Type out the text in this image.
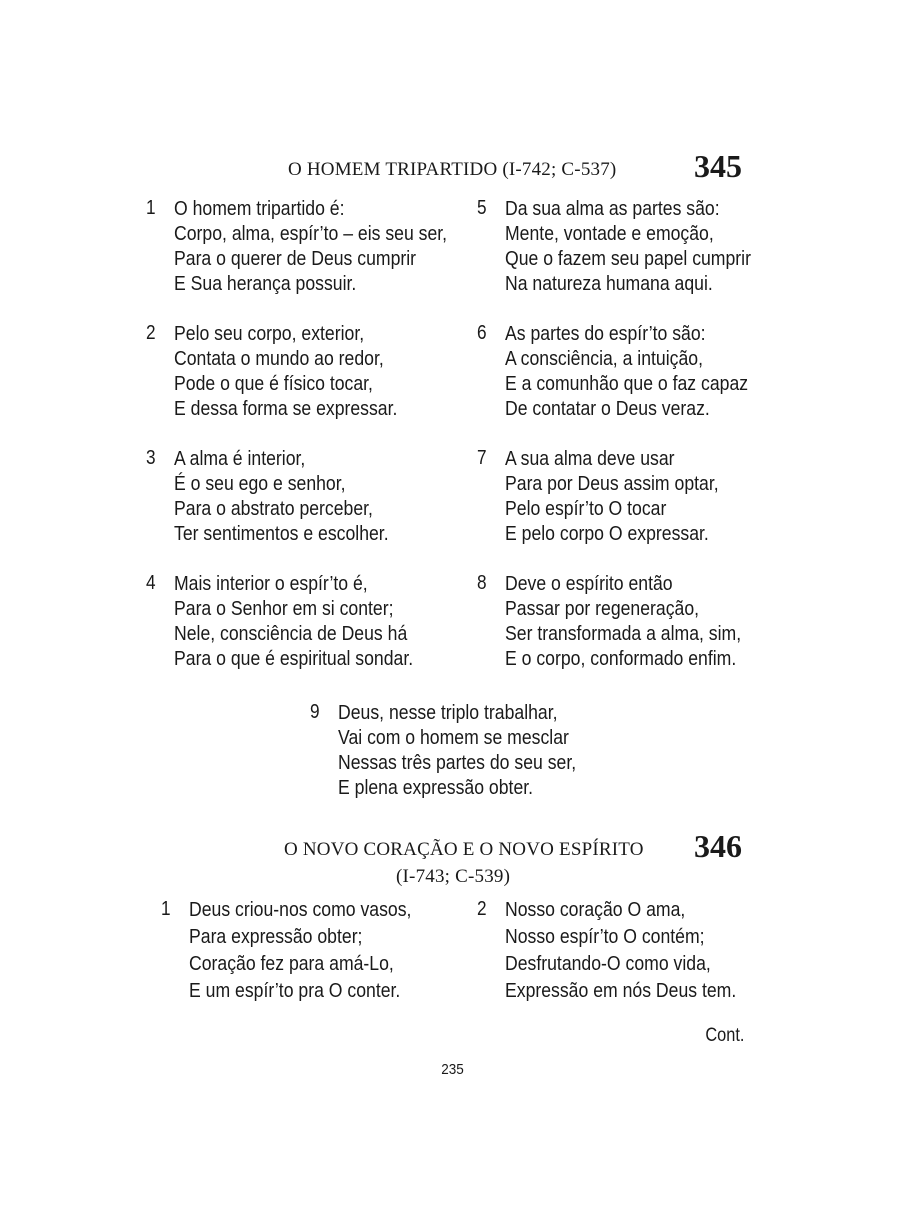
O HOMEM TRIPARTIDO (I-742; C-537) 345
1 O homem tripartido é:
Corpo, alma, espír’to – eis seu ser,
Para o querer de Deus cumprir
E Sua herança possuir.
2 Pelo seu corpo, exterior,
Contata o mundo ao redor,
Pode o que é físico tocar,
E dessa forma se expressar.
3 A alma é interior,
É o seu ego e senhor,
Para o abstrato perceber,
Ter sentimentos e escolher.
4 Mais interior o espír’to é,
Para o Senhor em si conter;
Nele, consciência de Deus há
Para o que é espiritual sondar.
5 Da sua alma as partes são:
Mente, vontade e emoção,
Que o fazem seu papel cumprir
Na natureza humana aqui.
6 As partes do espír’to são:
A consciência, a intuição,
E a comunhão que o faz capaz
De contatar o Deus veraz.
7 A sua alma deve usar
Para por Deus assim optar,
Pelo espír’to O tocar
E pelo corpo O expressar.
8 Deve o espírito então
Passar por regeneração,
Ser transformada a alma, sim,
E o corpo, conformado enfim.
9 Deus, nesse triplo trabalhar,
Vai com o homem se mesclar
Nessas três partes do seu ser,
E plena expressão obter.
O NOVO CORAÇÃO E O NOVO ESPÍRITO 346
(I-743; C-539)
1 Deus criou-nos como vasos,
Para expressão obter;
Coração fez para amá-Lo,
E um espír’to pra O conter.
2 Nosso coração O ama,
Nosso espír’to O contém;
Desfrutando-O como vida,
Expressão em nós Deus tem.
Cont.
235
